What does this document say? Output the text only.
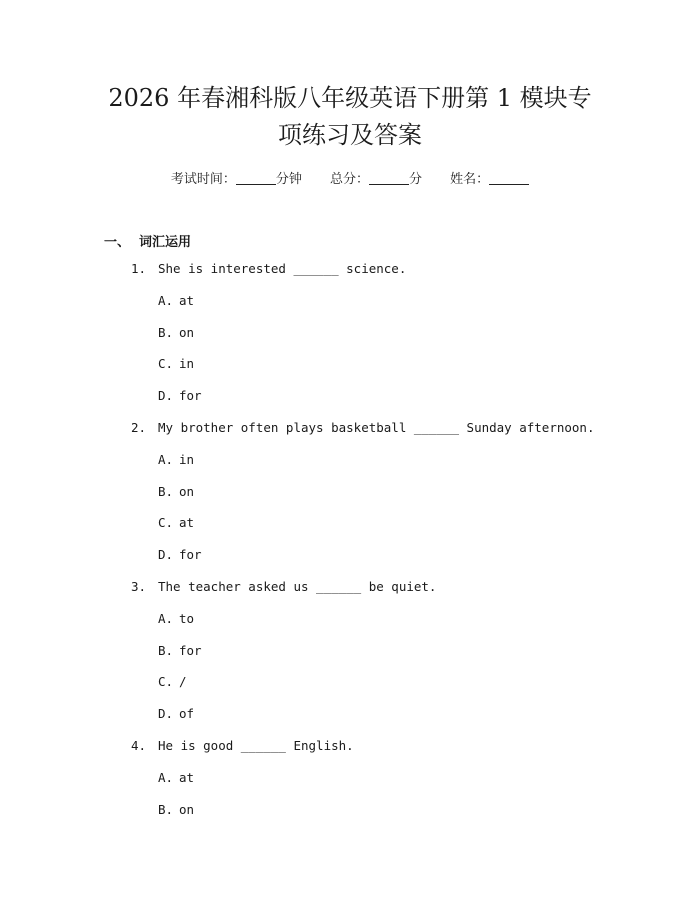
2026 年春湘科版八年级英语下册第 1 模块专
项练习及答案
考试时间：	分钟 总分：	分 姓名：
一、 词汇运用
1. She is interested ______ science.
A. at
B. on
C. in
D. for
2. My brother often plays basketball ______ Sunday afternoon.
A. in
B. on
C. at
D. for
3. The teacher asked us ______ be quiet.
A. to
B. for
C. /
D. of
4. He is good ______ English.
A. at
B. on
